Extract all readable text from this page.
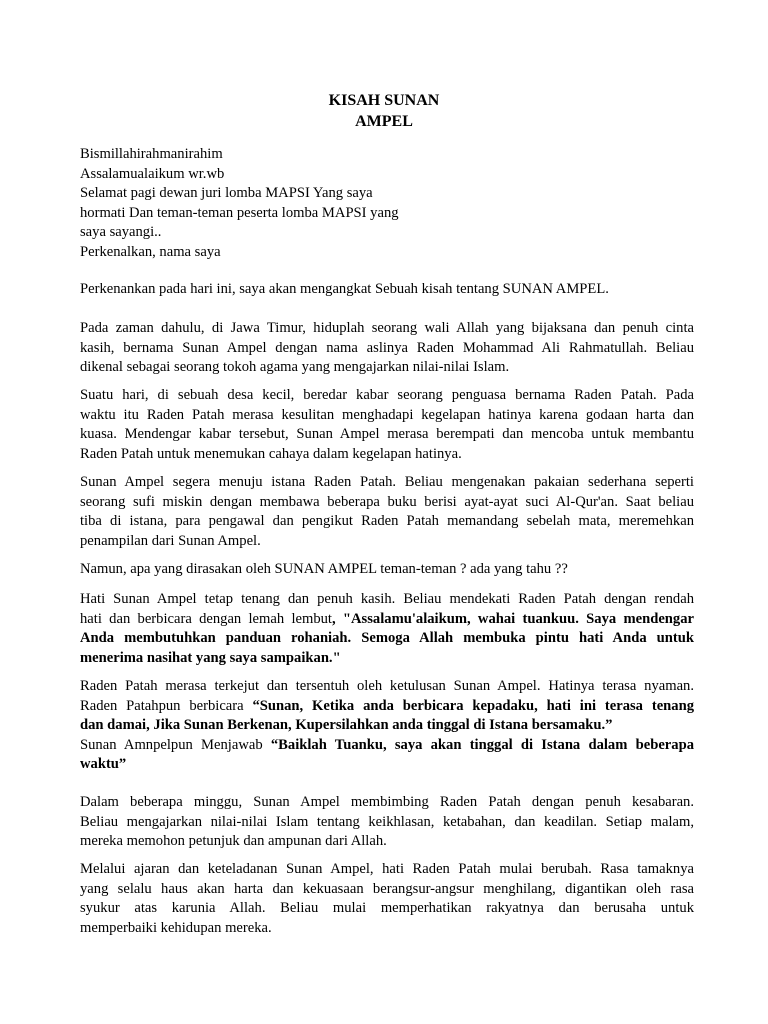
KISAH SUNAN
AMPEL
Bismillahirahmanirahim
Assalamualaikum wr.wb
Selamat pagi dewan juri lomba MAPSI Yang saya
hormati Dan teman-teman peserta lomba MAPSI yang
saya sayangi..
Perkenalkan, nama saya
Perkenankan pada hari ini, saya akan mengangkat Sebuah kisah tentang SUNAN AMPEL.
Pada zaman dahulu, di Jawa Timur, hiduplah seorang wali Allah yang bijaksana dan penuh cinta
kasih, bernama Sunan Ampel dengan nama aslinya Raden Mohammad Ali Rahmatullah. Beliau
dikenal sebagai seorang tokoh agama yang mengajarkan nilai-nilai Islam.
Suatu hari, di sebuah desa kecil, beredar kabar seorang penguasa bernama Raden Patah. Pada
waktu itu Raden Patah merasa kesulitan menghadapi kegelapan hatinya karena godaan harta dan
kuasa. Mendengar kabar tersebut, Sunan Ampel merasa berempati dan mencoba untuk membantu
Raden Patah untuk menemukan cahaya dalam kegelapan hatinya.
Sunan Ampel segera menuju istana Raden Patah. Beliau mengenakan pakaian sederhana seperti
seorang sufi miskin dengan membawa beberapa buku berisi ayat-ayat suci Al-Qur'an. Saat beliau
tiba di istana, para pengawal dan pengikut Raden Patah memandang sebelah mata, meremehkan
penampilan dari Sunan Ampel.
Namun, apa yang dirasakan oleh SUNAN AMPEL teman-teman ? ada yang tahu ??
Hati Sunan Ampel tetap tenang dan penuh kasih. Beliau mendekati Raden Patah dengan rendah
hati dan berbicara dengan lemah lembut, "Assalamu'alaikum, wahai tuankuu. Saya mendengar
Anda membutuhkan panduan rohaniah. Semoga Allah membuka pintu hati Anda untuk
menerima nasihat yang saya sampaikan."
Raden Patah merasa terkejut dan tersentuh oleh ketulusan Sunan Ampel. Hatinya terasa nyaman.
Raden Patahpun berbicara “Sunan, Ketika anda berbicara kepadaku, hati ini terasa tenang
dan damai, Jika Sunan Berkenan, Kupersilahkan anda tinggal di Istana bersamaku.”
Sunan Amnpelpun Menjawab “Baiklah Tuanku, saya akan tinggal di Istana dalam beberapa
waktu”
Dalam beberapa minggu, Sunan Ampel membimbing Raden Patah dengan penuh kesabaran.
Beliau mengajarkan nilai-nilai Islam tentang keikhlasan, ketabahan, dan keadilan. Setiap malam,
mereka memohon petunjuk dan ampunan dari Allah.
Melalui ajaran dan keteladanan Sunan Ampel, hati Raden Patah mulai berubah. Rasa tamaknya
yang selalu haus akan harta dan kekuasaan berangsur-angsur menghilang, digantikan oleh rasa
syukur atas karunia Allah. Beliau mulai memperhatikan rakyatnya dan berusaha untuk
memperbaiki kehidupan mereka.
